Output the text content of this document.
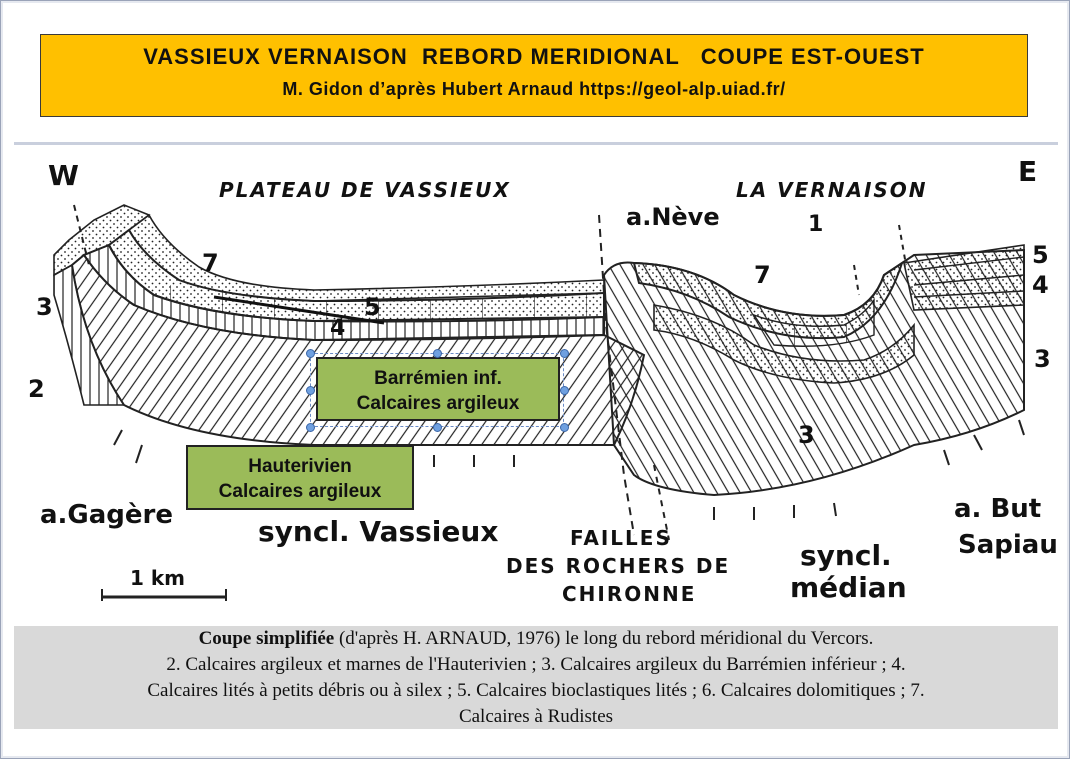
VASSIEUX VERNAISON  REBORD MERIDIONAL   COUPE EST-OUEST
M. Gidon d’après Hubert Arnaud https://geol-alp.uiad.fr/
W	E
PLATEAU DE VASSIEUX	LA VERNAISON
a.Nève
a.Gagère	a. But
Sapiau
syncl. Vassieux	FAILLES
DES ROCHERS DE
CHIRONNE
syncl.
médian
1 km
3
2
7
5
4
7
3
5
4
3
1
Barrémien inf.
Calcaires argileux
Hauterivien
Calcaires argileux
Coupe simplifiée (d'après H. ARNAUD, 1976) le long du rebord méridional du Vercors.
2. Calcaires argileux et marnes de l'Hauterivien ; 3. Calcaires argileux du Barrémien inférieur ; 4.
Calcaires lités à petits débris ou à silex ; 5. Calcaires bioclastiques lités ; 6. Calcaires dolomitiques ; 7.
Calcaires à Rudistes
